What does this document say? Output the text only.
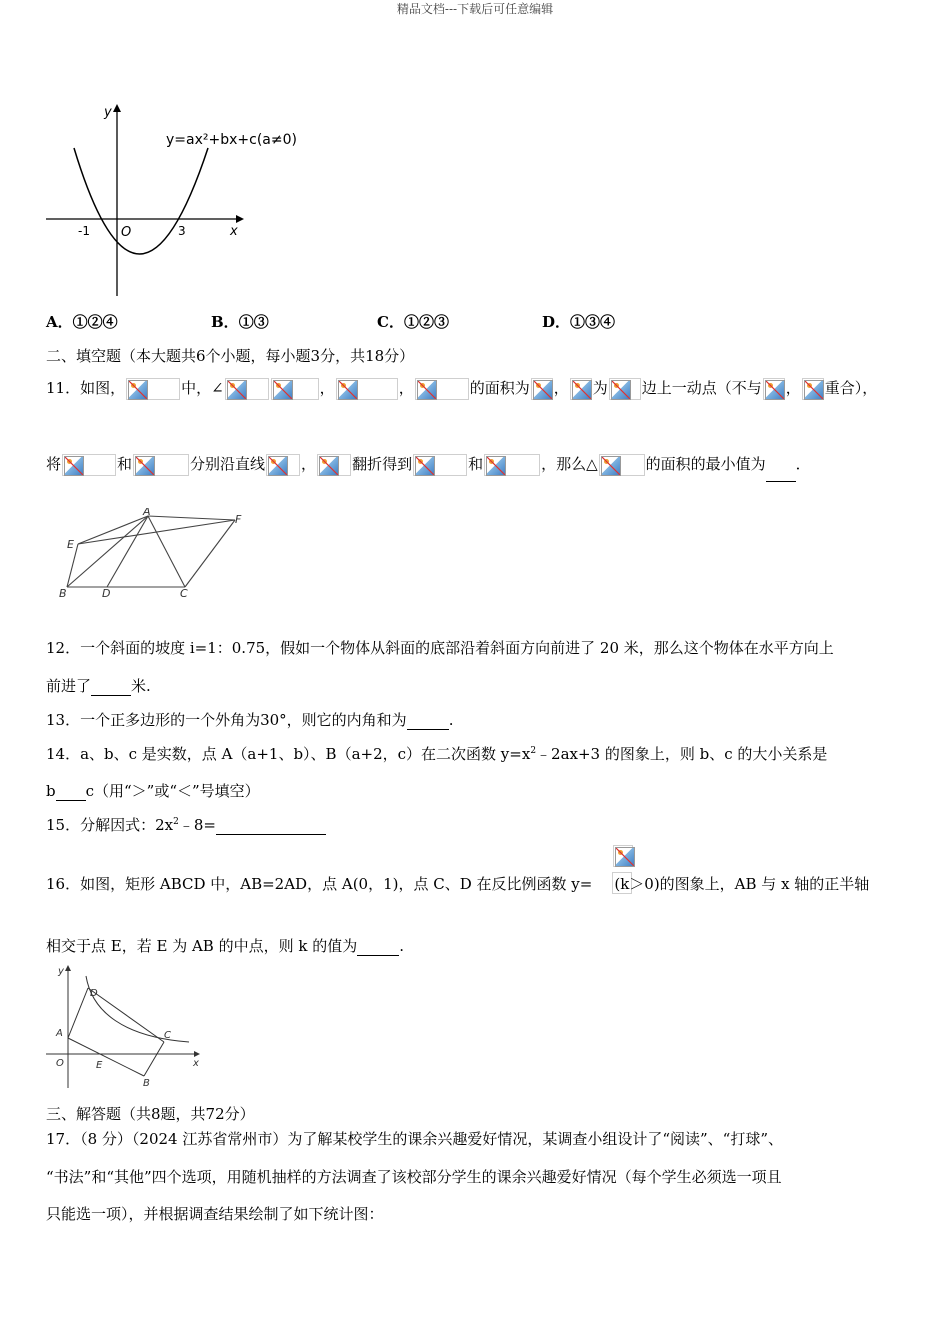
精品文档---下载后可任意编辑
y
x
O
-1	3
y=ax²+bx+c(a≠0)
A．①②④	B．①③	C．①②③	D．①③④
二、填空题（本大题共6个小题，每小题3分，共18分）
11．如图，	中，∠	，	，	的面积为 ， 为 边上一动点（不与 ， 重合），
将	和	分别沿直线 ， 翻折得到	和	，那么△	的面积的最小值为 ．
A
F
E
B	D	C
12．一个斜面的坡度 i=1：0.75，假如一个物体从斜面的底部沿着斜面方向前进了 20 米，那么这个物体在水平方向上
前进了	米.
13．一个正多边形的一个外角为30°，则它的内角和为	.
14．a、b、c 是实数，点 A（a+1、b）、B（a+2，c）在二次函数 $y=x^2﹣2ax+3$ 的图象上，则 b、c 的大小关系是
b c（用“＞”或“＜”号填空）
15．分解因式：$2x^2﹣8=$
16．如图，矩形 ABCD 中，AB=2AD，点 A(0，1)，点 C、D 在反比例函数 y= (k＞0)的图象上，AB 与 x 轴的正半轴
相交于点 E，若 E 为 AB 的中点，则 k 的值为	.
y
x
O
A
D
C
E
B
三、解答题（共8题，共72分）
17．（8 分）（2024 江苏省常州市）为了解某校学生的课余兴趣爱好情况，某调查小组设计了“阅读”、“打球”、
“书法”和“其他”四个选项，用随机抽样的方法调查了该校部分学生的课余兴趣爱好情况（每个学生必须选一项且
只能选一项），并根据调查结果绘制了如下统计图：
